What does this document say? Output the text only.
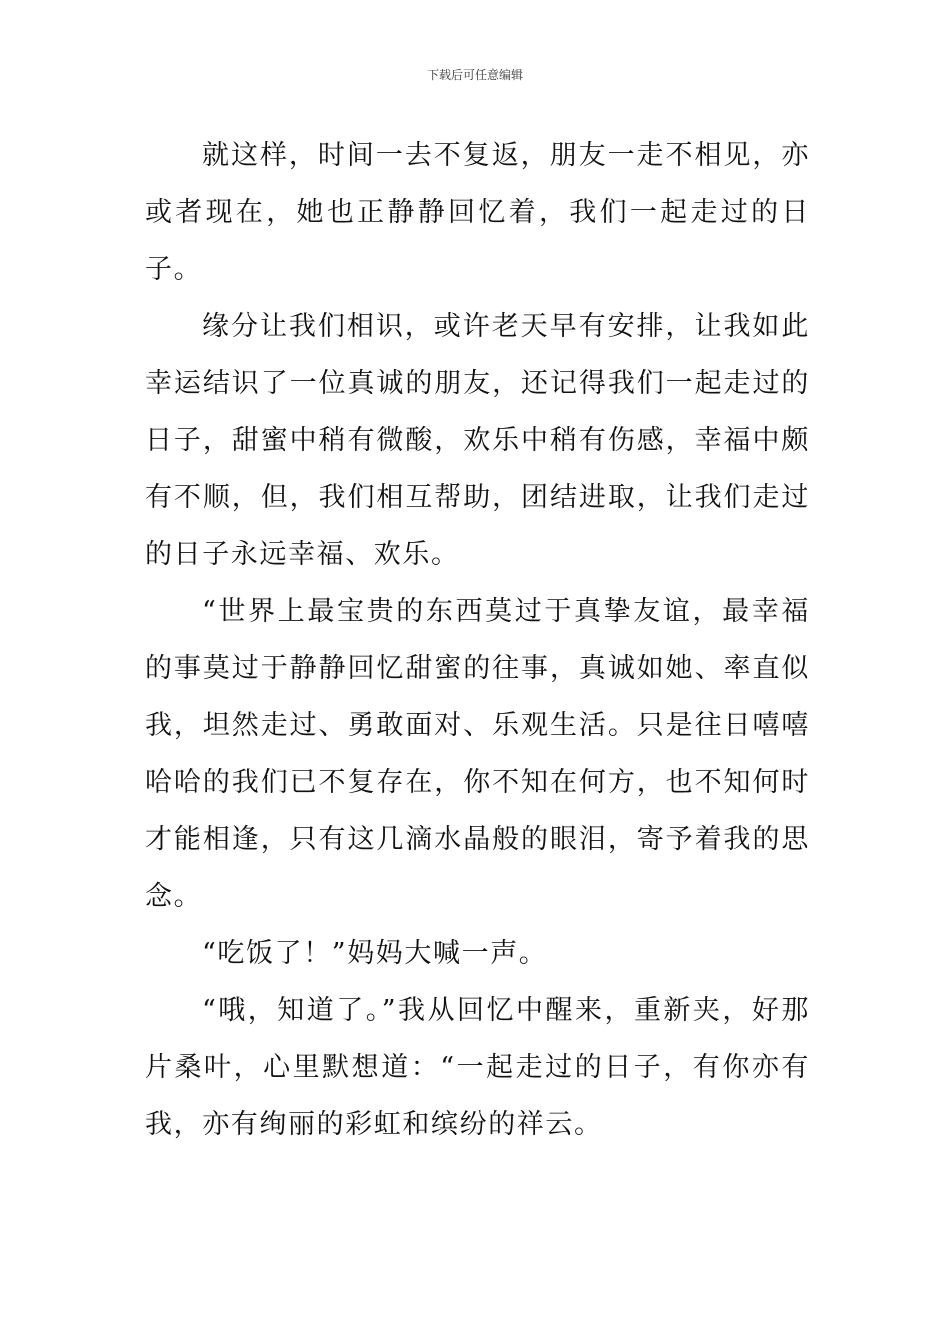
下载后可任意编辑

就这样，时间一去不复返，朋友一走不相见，亦或者现在，她也正静静回忆着，我们一起走过的日子。

缘分让我们相识，或许老天早有安排，让我如此幸运结识了一位真诚的朋友，还记得我们一起走过的日子，甜蜜中稍有微酸，欢乐中稍有伤感，幸福中颇有不顺，但，我们相互帮助，团结进取，让我们走过的日子永远幸福、欢乐。

“世界上最宝贵的东西莫过于真挚友谊，最幸福的事莫过于静静回忆甜蜜的往事，真诚如她、率直似我，坦然走过、勇敢面对、乐观生活。只是往日嘻嘻哈哈的我们已不复存在，你不知在何方，也不知何时才能相逢，只有这几滴水晶般的眼泪，寄予着我的思念。

“吃饭了！”妈妈大喊一声。

“哦，知道了。”我从回忆中醒来，重新夹，好那片桑叶，心里默想道：“一起走过的日子，有你亦有我，亦有绚丽的彩虹和缤纷的祥云。
